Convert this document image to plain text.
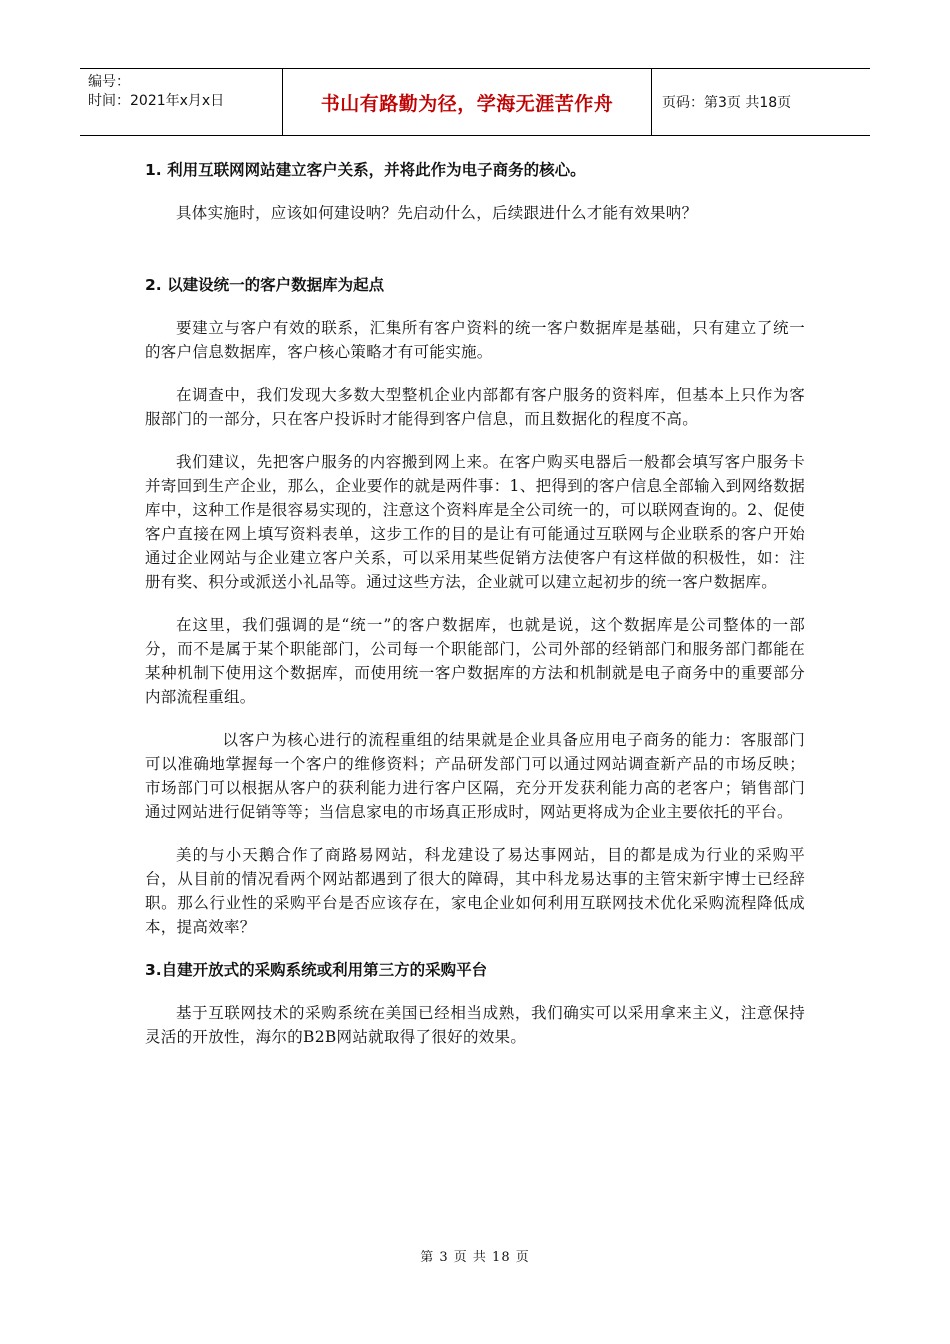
编号：
时间：2021年x月x日	书山有路勤为径，学海无涯苦作舟	页码：第3页 共18页

1. 利用互联网网站建立客户关系，并将此作为电子商务的核心。

具体实施时，应该如何建设呐？先启动什么，后续跟进什么才能有效果呐？

2. 以建设统一的客户数据库为起点

要建立与客户有效的联系，汇集所有客户资料的统一客户数据库是基础，只有建立了统一的客户信息数据库，客户核心策略才有可能实施。

在调查中，我们发现大多数大型整机企业内部都有客户服务的资料库，但基本上只作为客服部门的一部分，只在客户投诉时才能得到客户信息，而且数据化的程度不高。

我们建议，先把客户服务的内容搬到网上来。在客户购买电器后一般都会填写客户服务卡并寄回到生产企业，那么，企业要作的就是两件事：1、把得到的客户信息全部输入到网络数据库中，这种工作是很容易实现的，注意这个资料库是全公司统一的，可以联网查询的。2、促使客户直接在网上填写资料表单，这步工作的目的是让有可能通过互联网与企业联系的客户开始通过企业网站与企业建立客户关系，可以采用某些促销方法使客户有这样做的积极性，如：注册有奖、积分或派送小礼品等。通过这些方法，企业就可以建立起初步的统一客户数据库。

在这里，我们强调的是“统一”的客户数据库，也就是说，这个数据库是公司整体的一部分，而不是属于某个职能部门，公司每一个职能部门，公司外部的经销部门和服务部门都能在某种机制下使用这个数据库，而使用统一客户数据库的方法和机制就是电子商务中的重要部分内部流程重组。

以客户为核心进行的流程重组的结果就是企业具备应用电子商务的能力：客服部门可以准确地掌握每一个客户的维修资料；产品研发部门可以通过网站调查新产品的市场反映；市场部门可以根据从客户的获利能力进行客户区隔，充分开发获利能力高的老客户；销售部门通过网站进行促销等等；当信息家电的市场真正形成时，网站更将成为企业主要依托的平台。

美的与小天鹅合作了商路易网站，科龙建设了易达事网站，目的都是成为行业的采购平台，从目前的情况看两个网站都遇到了很大的障碍，其中科龙易达事的主管宋新宇博士已经辞职。那么行业性的采购平台是否应该存在，家电企业如何利用互联网技术优化采购流程降低成本，提高效率？

3.自建开放式的采购系统或利用第三方的采购平台

基于互联网技术的采购系统在美国已经相当成熟，我们确实可以采用拿来主义，注意保持灵活的开放性，海尔的B2B网站就取得了很好的效果。

第 3 页 共 18 页
